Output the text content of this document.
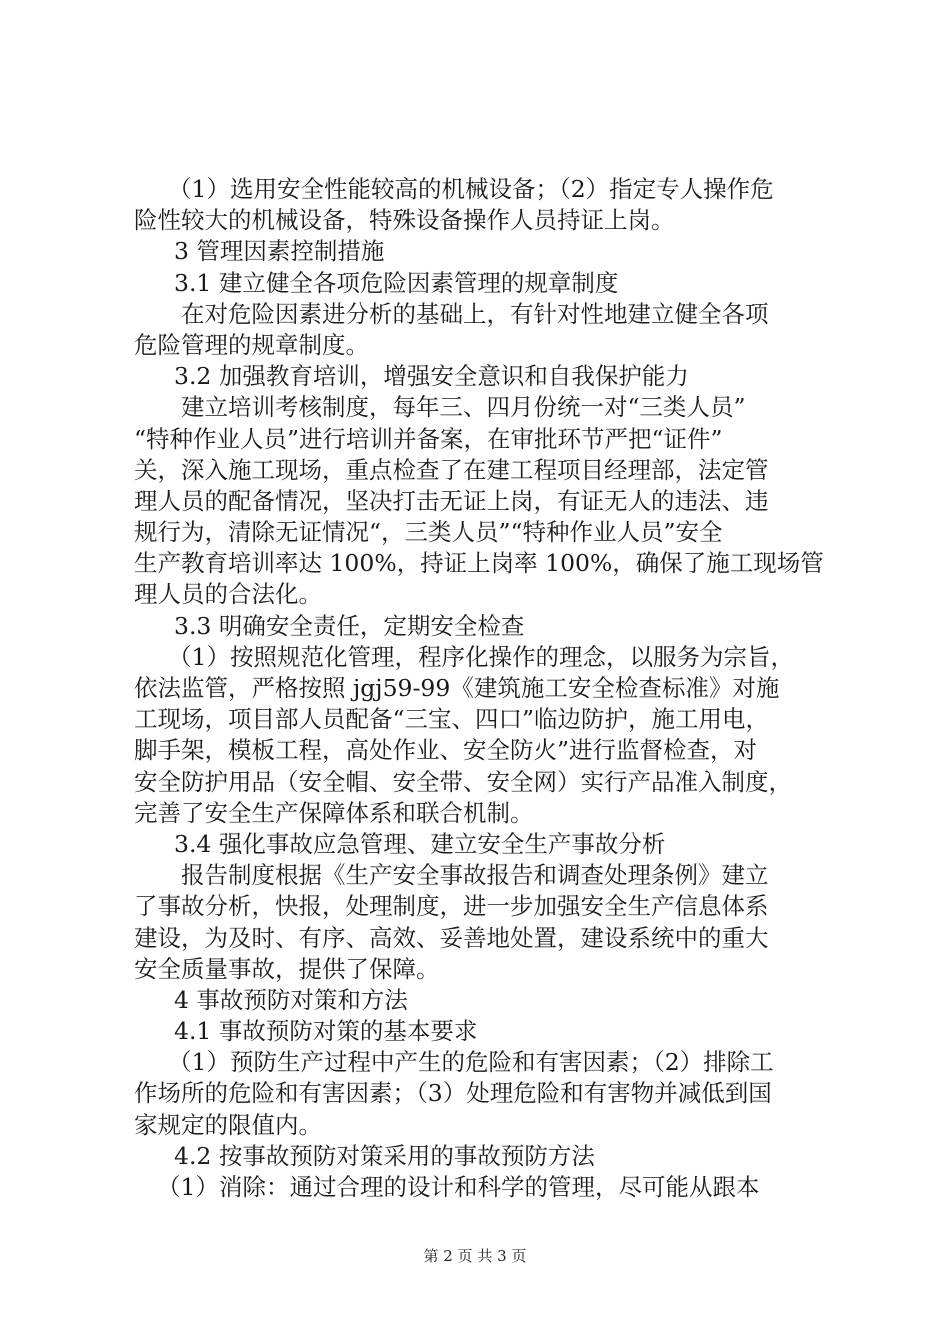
（1）选用安全性能较高的机械设备；（2）指定专人操作危
险性较大的机械设备，特殊设备操作人员持证上岗。
3 管理因素控制措施
3.1 建立健全各项危险因素管理的规章制度
在对危险因素进分析的基础上，有针对性地建立健全各项
危险管理的规章制度。
3.2 加强教育培训，增强安全意识和自我保护能力
建立培训考核制度，每年三、四月份统一对“三类人员”
“特种作业人员”进行培训并备案，在审批环节严把“证件”
关，深入施工现场，重点检查了在建工程项目经理部，法定管
理人员的配备情况，坚决打击无证上岗，有证无人的违法、违
规行为，清除无证情况“，三类人员”“特种作业人员”安全
生产教育培训率达 100%，持证上岗率 100%，确保了施工现场管
理人员的合法化。
3.3 明确安全责任，定期安全检查
（1）按照规范化管理，程序化操作的理念，以服务为宗旨，
依法监管，严格按照 jgj59-99《建筑施工安全检查标准》对施
工现场，项目部人员配备“三宝、四口”临边防护，施工用电，
脚手架，模板工程，高处作业、安全防火”进行监督检查，对
安全防护用品（安全帽、安全带、安全网）实行产品准入制度，
完善了安全生产保障体系和联合机制。
3.4 强化事故应急管理、建立安全生产事故分析
报告制度根据《生产安全事故报告和调查处理条例》建立
了事故分析，快报，处理制度，进一步加强安全生产信息体系
建设，为及时、有序、高效、妥善地处置，建设系统中的重大
安全质量事故，提供了保障。
4 事故预防对策和方法
4.1 事故预防对策的基本要求
（1）预防生产过程中产生的危险和有害因素；（2）排除工
作场所的危险和有害因素；（3）处理危险和有害物并减低到国
家规定的限值内。
4.2 按事故预防对策采用的事故预防方法
（1）消除：通过合理的设计和科学的管理，尽可能从跟本
第 2 页 共 3 页
